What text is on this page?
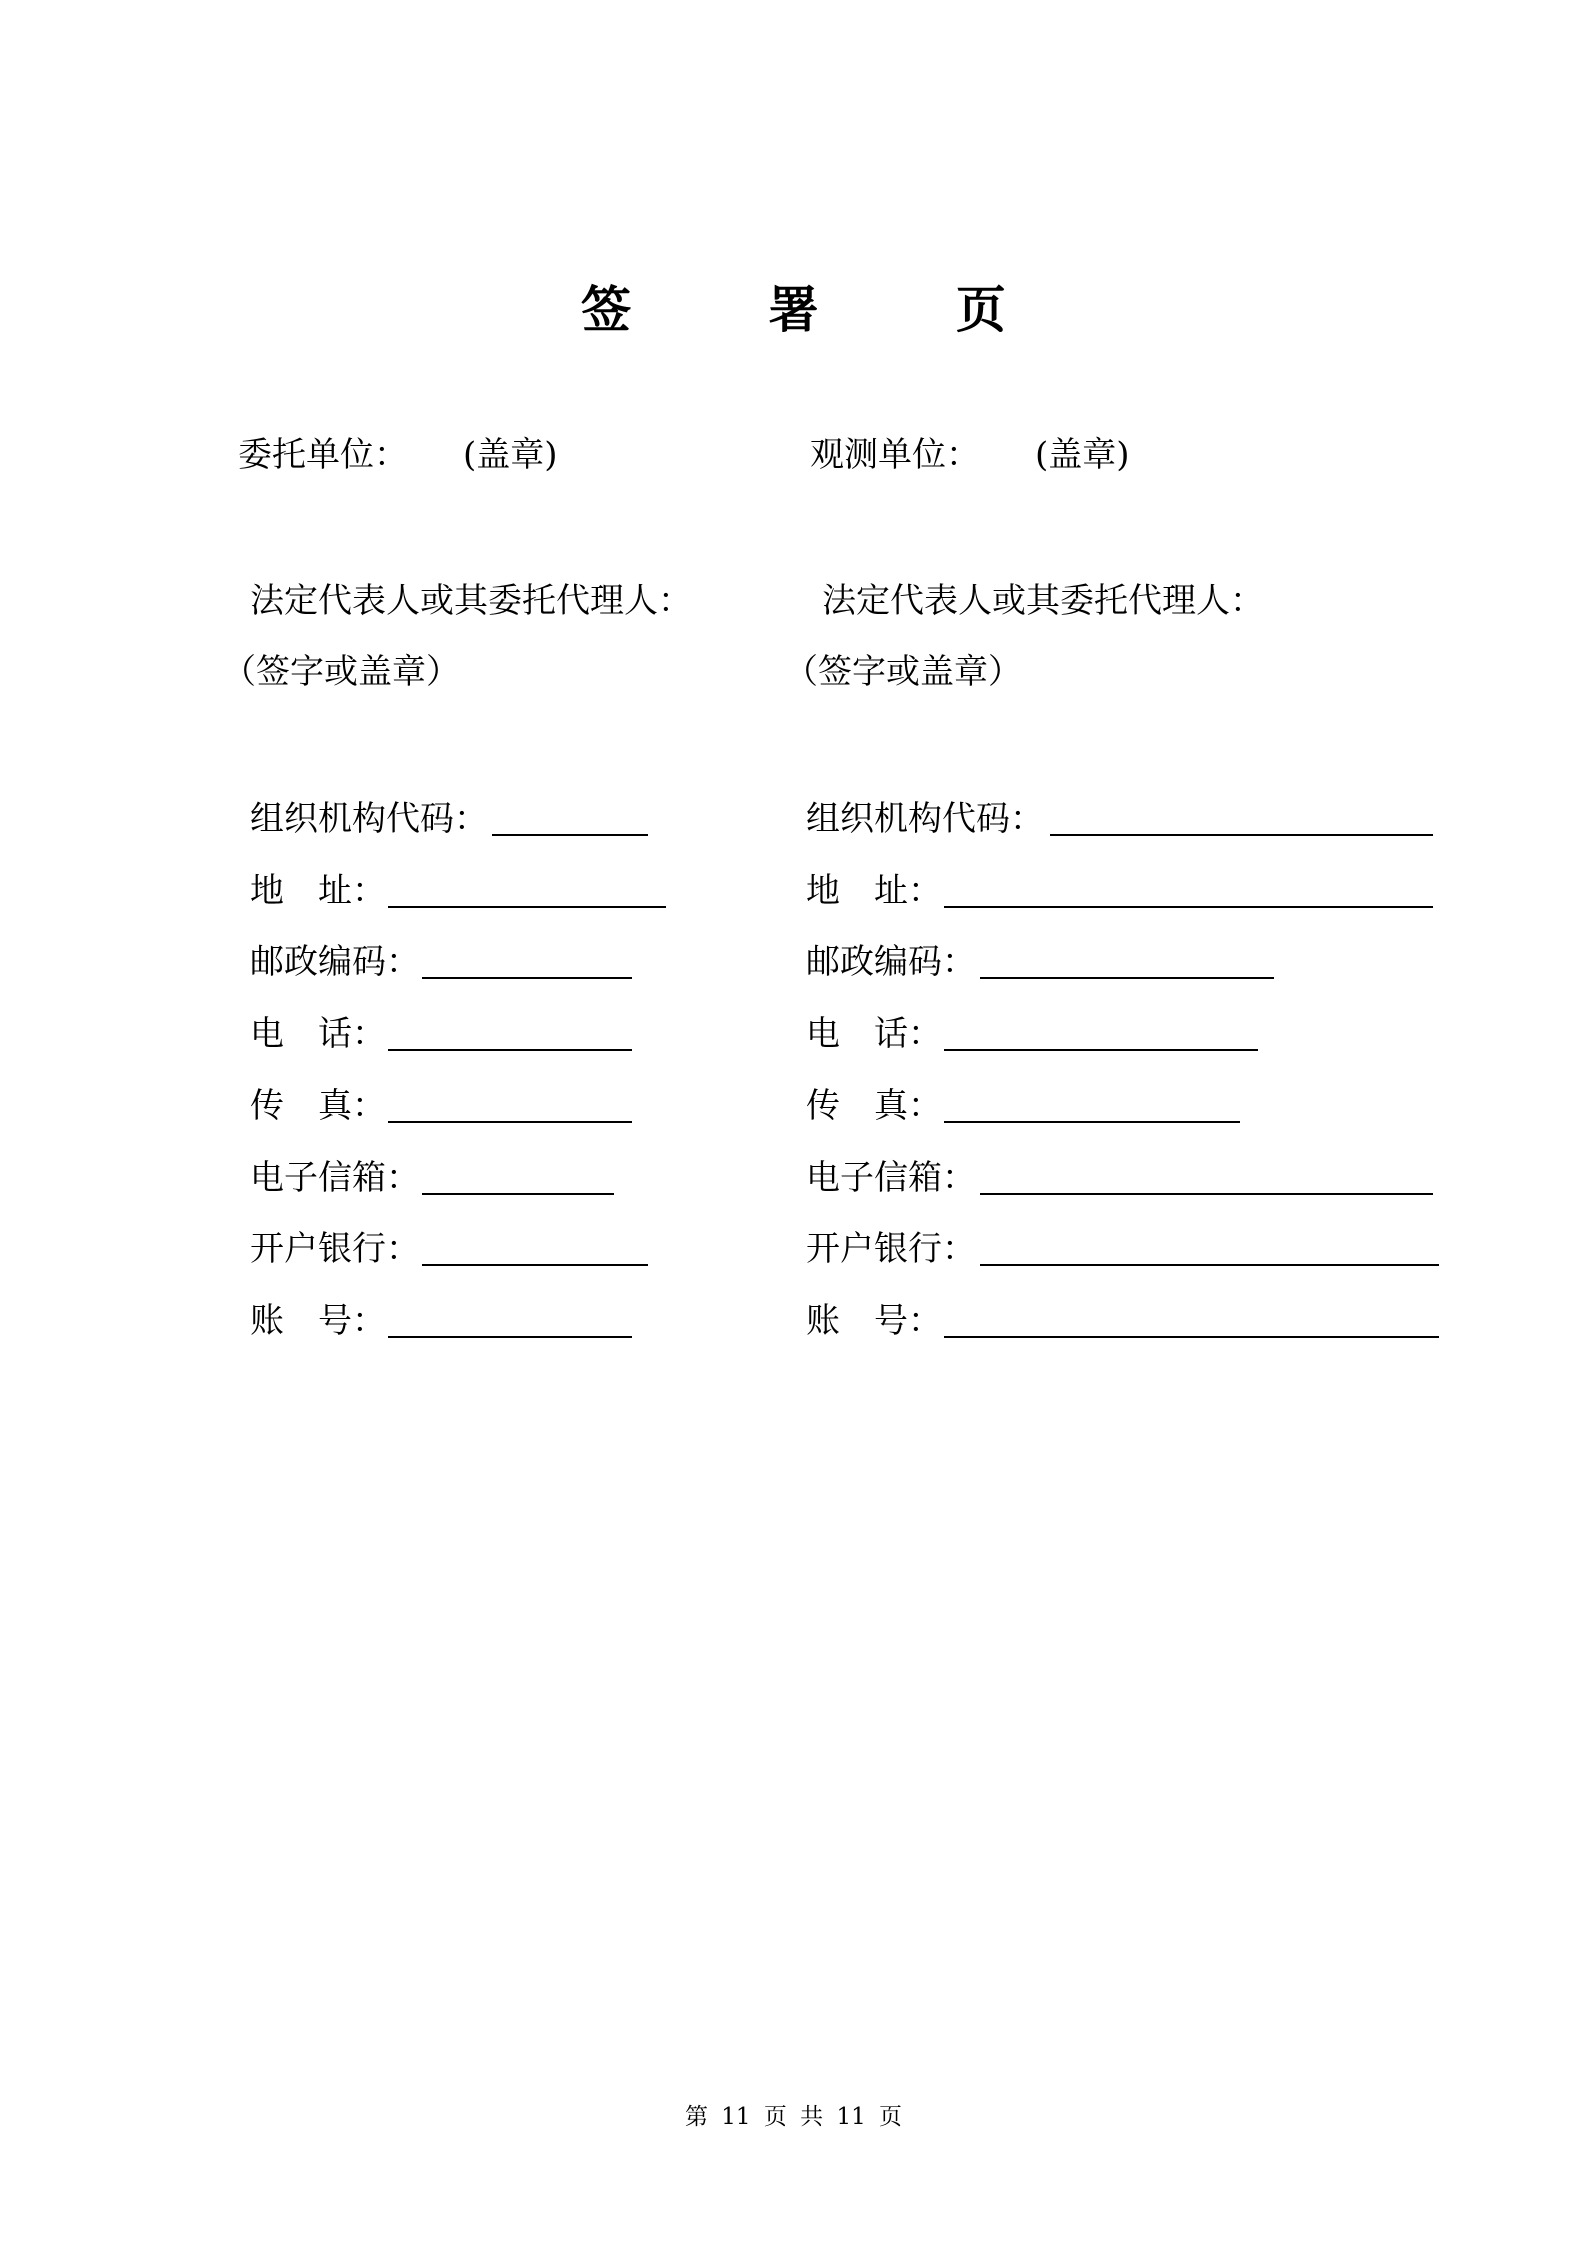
签 署 页
委托单位： (盖章)
法定代表人或其委托代理人：
（签字或盖章）
观测单位： (盖章)
法定代表人或其委托代理人：
（签字或盖章）
组织机构代码：
地　址：
邮政编码：
电　话：
传　真：
电子信箱：
开户银行：
账　号：
组织机构代码：
地　址：
邮政编码：
电　话：
传　真：
电子信箱：
开户银行：
账　号：
第 11 页 共 11 页
